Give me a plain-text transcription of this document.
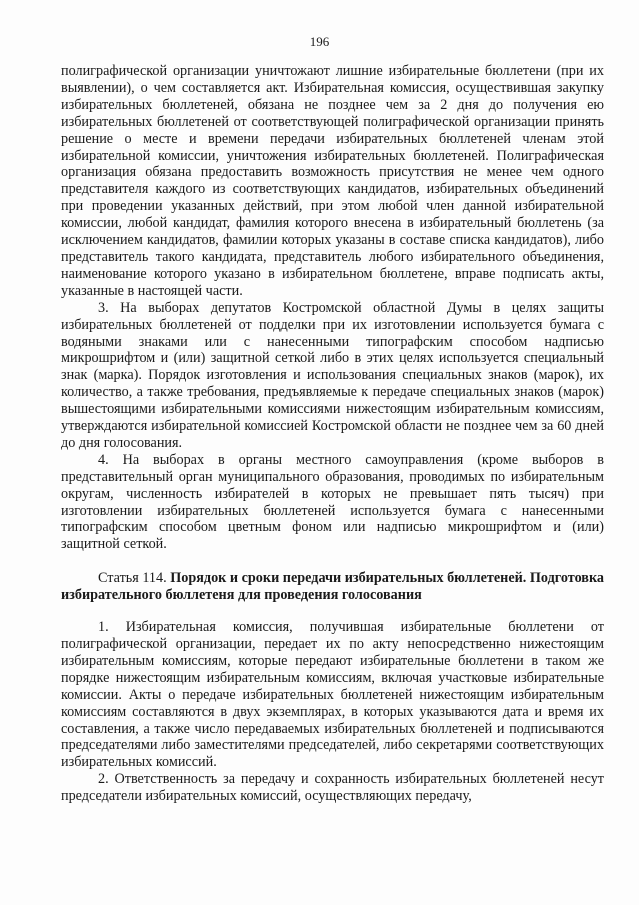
196

полиграфической организации уничтожают лишние избирательные бюллетени (при их выявлении), о чем составляется акт. Избирательная комиссия, осуществившая закупку избирательных бюллетеней, обязана не позднее чем за 2 дня до получения ею избирательных бюллетеней от соответствующей полиграфической организации принять решение о месте и времени передачи избирательных бюллетеней членам этой избирательной комиссии, уничтожения избирательных бюллетеней. Полиграфическая организация обязана предоставить возможность присутствия не менее чем одного представителя каждого из соответствующих кандидатов, избирательных объединений при проведении указанных действий, при этом любой член данной избирательной комиссии, любой кандидат, фамилия которого внесена в избирательный бюллетень (за исключением кандидатов, фамилии которых указаны в составе списка кандидатов), либо представитель такого кандидата, представитель любого избирательного объединения, наименование которого указано в избирательном бюллетене, вправе подписать акты, указанные в настоящей части.

3. На выборах депутатов Костромской областной Думы в целях защиты избирательных бюллетеней от подделки при их изготовлении используется бумага с водяными знаками или с нанесенными типографским способом надписью микрошрифтом и (или) защитной сеткой либо в этих целях используется специальный знак (марка). Порядок изготовления и использования специальных знаков (марок), их количество, а также требования, предъявляемые к передаче специальных знаков (марок) вышестоящими избирательными комиссиями нижестоящим избирательным комиссиям, утверждаются избирательной комиссией Костромской области не позднее чем за 60 дней до дня голосования.

4. На выборах в органы местного самоуправления (кроме выборов в представительный орган муниципального образования, проводимых по избирательным округам, численность избирателей в которых не превышает пять тысяч) при изготовлении избирательных бюллетеней используется бумага с нанесенными типографским способом цветным фоном или надписью микрошрифтом и (или) защитной сеткой.

Статья 114. Порядок и сроки передачи избирательных бюллетеней. Подготовка избирательного бюллетеня для проведения голосования

1. Избирательная комиссия, получившая избирательные бюллетени от полиграфической организации, передает их по акту непосредственно нижестоящим избирательным комиссиям, которые передают избирательные бюллетени в таком же порядке нижестоящим избирательным комиссиям, включая участковые избирательные комиссии. Акты о передаче избирательных бюллетеней нижестоящим избирательным комиссиям составляются в двух экземплярах, в которых указываются дата и время их составления, а также число передаваемых избирательных бюллетеней и подписываются председателями либо заместителями председателей, либо секретарями соответствующих избирательных комиссий.

2. Ответственность за передачу и сохранность избирательных бюллетеней несут председатели избирательных комиссий, осуществляющих передачу,
